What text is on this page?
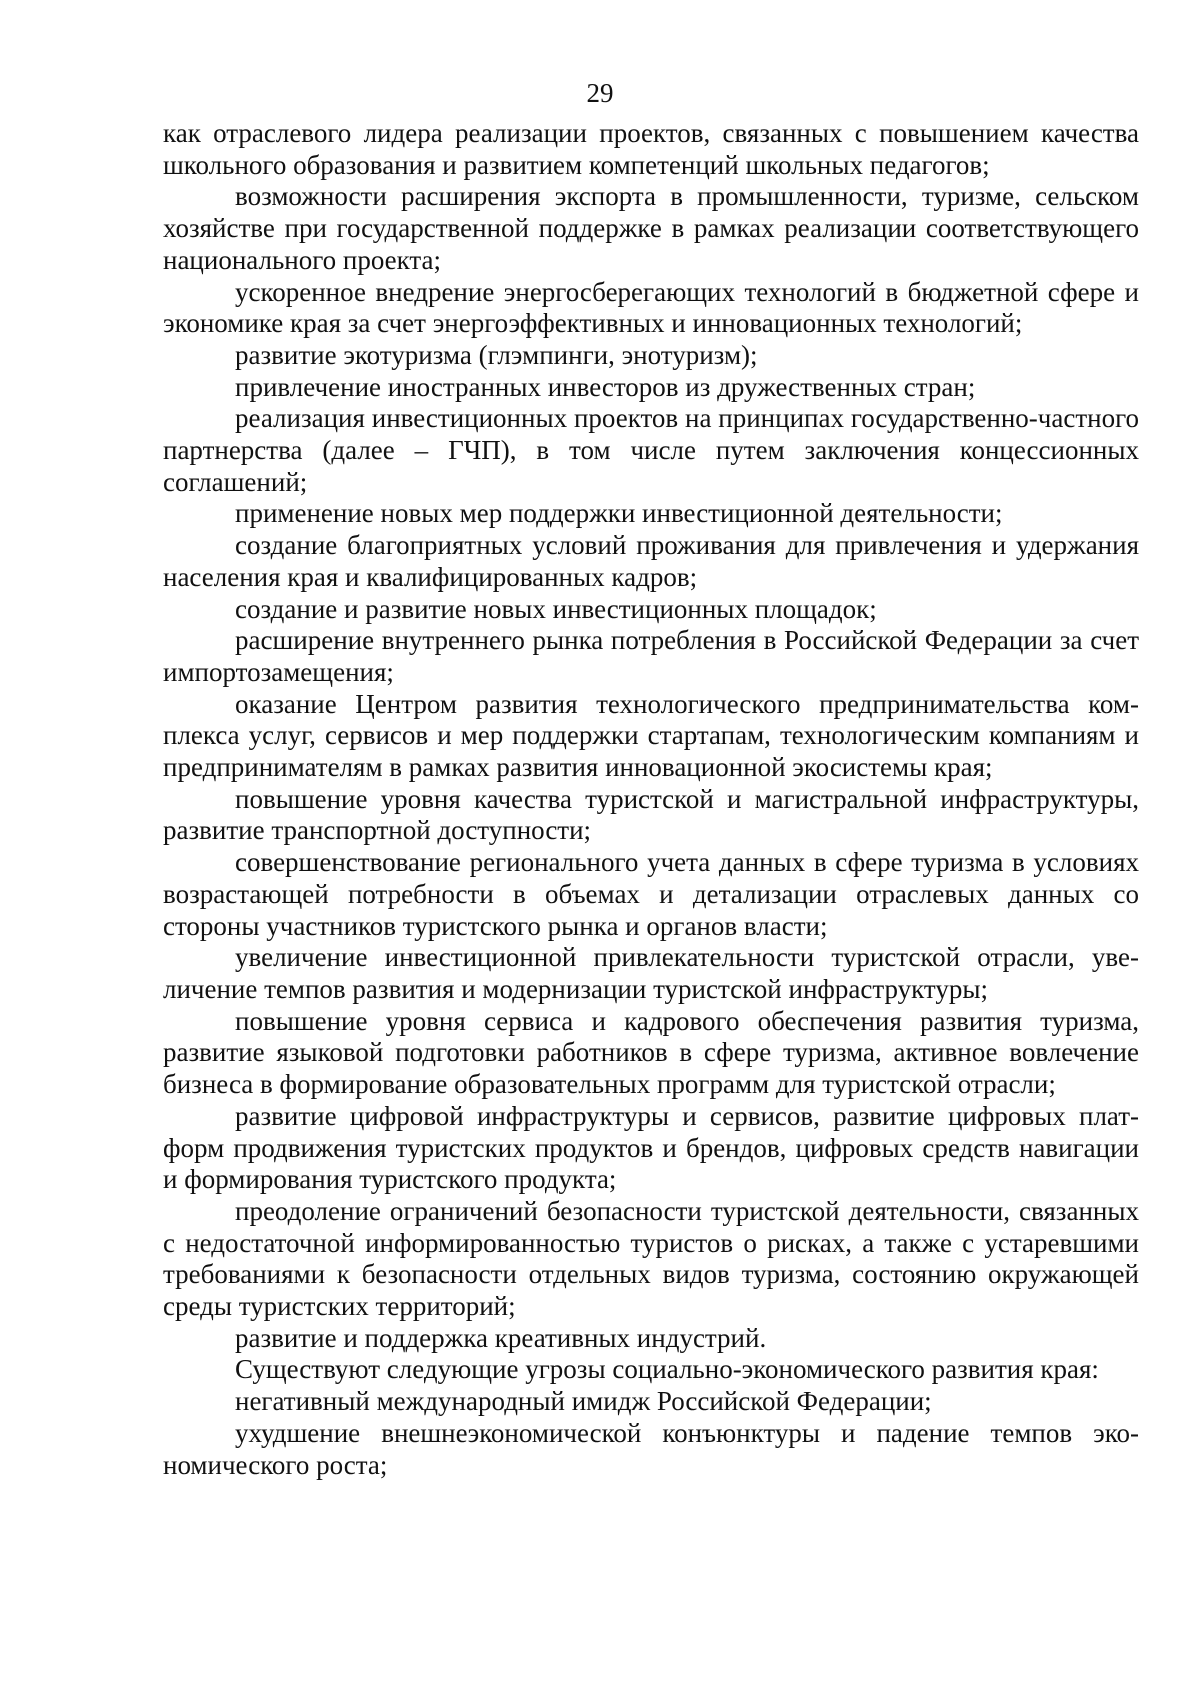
29

как отраслевого лидера реализации проектов, связанных с повышением качества школьного образования и развитием компетенций школьных педагогов;

возможности расширения экспорта в промышленности, туризме, сельском хозяйстве при государственной поддержке в рамках реализации соответствующего национального проекта;

ускоренное внедрение энергосберегающих технологий в бюджетной сфере и экономике края за счет энергоэффективных и инновационных технологий;

развитие экотуризма (глэмпинги, энотуризм);

привлечение иностранных инвесторов из дружественных стран;

реализация инвестиционных проектов на принципах государственно-частного партнерства (далее – ГЧП), в том числе путем заключения концессионных соглашений;

применение новых мер поддержки инвестиционной деятельности;

создание благоприятных условий проживания для привлечения и удержания населения края и квалифицированных кадров;

создание и развитие новых инвестиционных площадок;

расширение внутреннего рынка потребления в Российской Федерации за счет импортозамещения;

оказание Центром развития технологического предпринимательства комплекса услуг, сервисов и мер поддержки стартапам, технологическим компаниям и предпринимателям в рамках развития инновационной экосистемы края;

повышение уровня качества туристской и магистральной инфраструктуры, развитие транспортной доступности;

совершенствование регионального учета данных в сфере туризма в условиях возрастающей потребности в объемах и детализации отраслевых данных со стороны участников туристского рынка и органов власти;

увеличение инвестиционной привлекательности туристской отрасли, увеличение темпов развития и модернизации туристской инфраструктуры;

повышение уровня сервиса и кадрового обеспечения развития туризма, развитие языковой подготовки работников в сфере туризма, активное вовлечение бизнеса в формирование образовательных программ для туристской отрасли;

развитие цифровой инфраструктуры и сервисов, развитие цифровых платформ продвижения туристских продуктов и брендов, цифровых средств навигации и формирования туристского продукта;

преодоление ограничений безопасности туристской деятельности, связанных с недостаточной информированностью туристов о рисках, а также с устаревшими требованиями к безопасности отдельных видов туризма, состоянию окружающей среды туристских территорий;

развитие и поддержка креативных индустрий.

Существуют следующие угрозы социально-экономического развития края:

негативный международный имидж Российской Федерации;

ухудшение внешнеэкономической конъюнктуры и падение темпов экономического роста;
